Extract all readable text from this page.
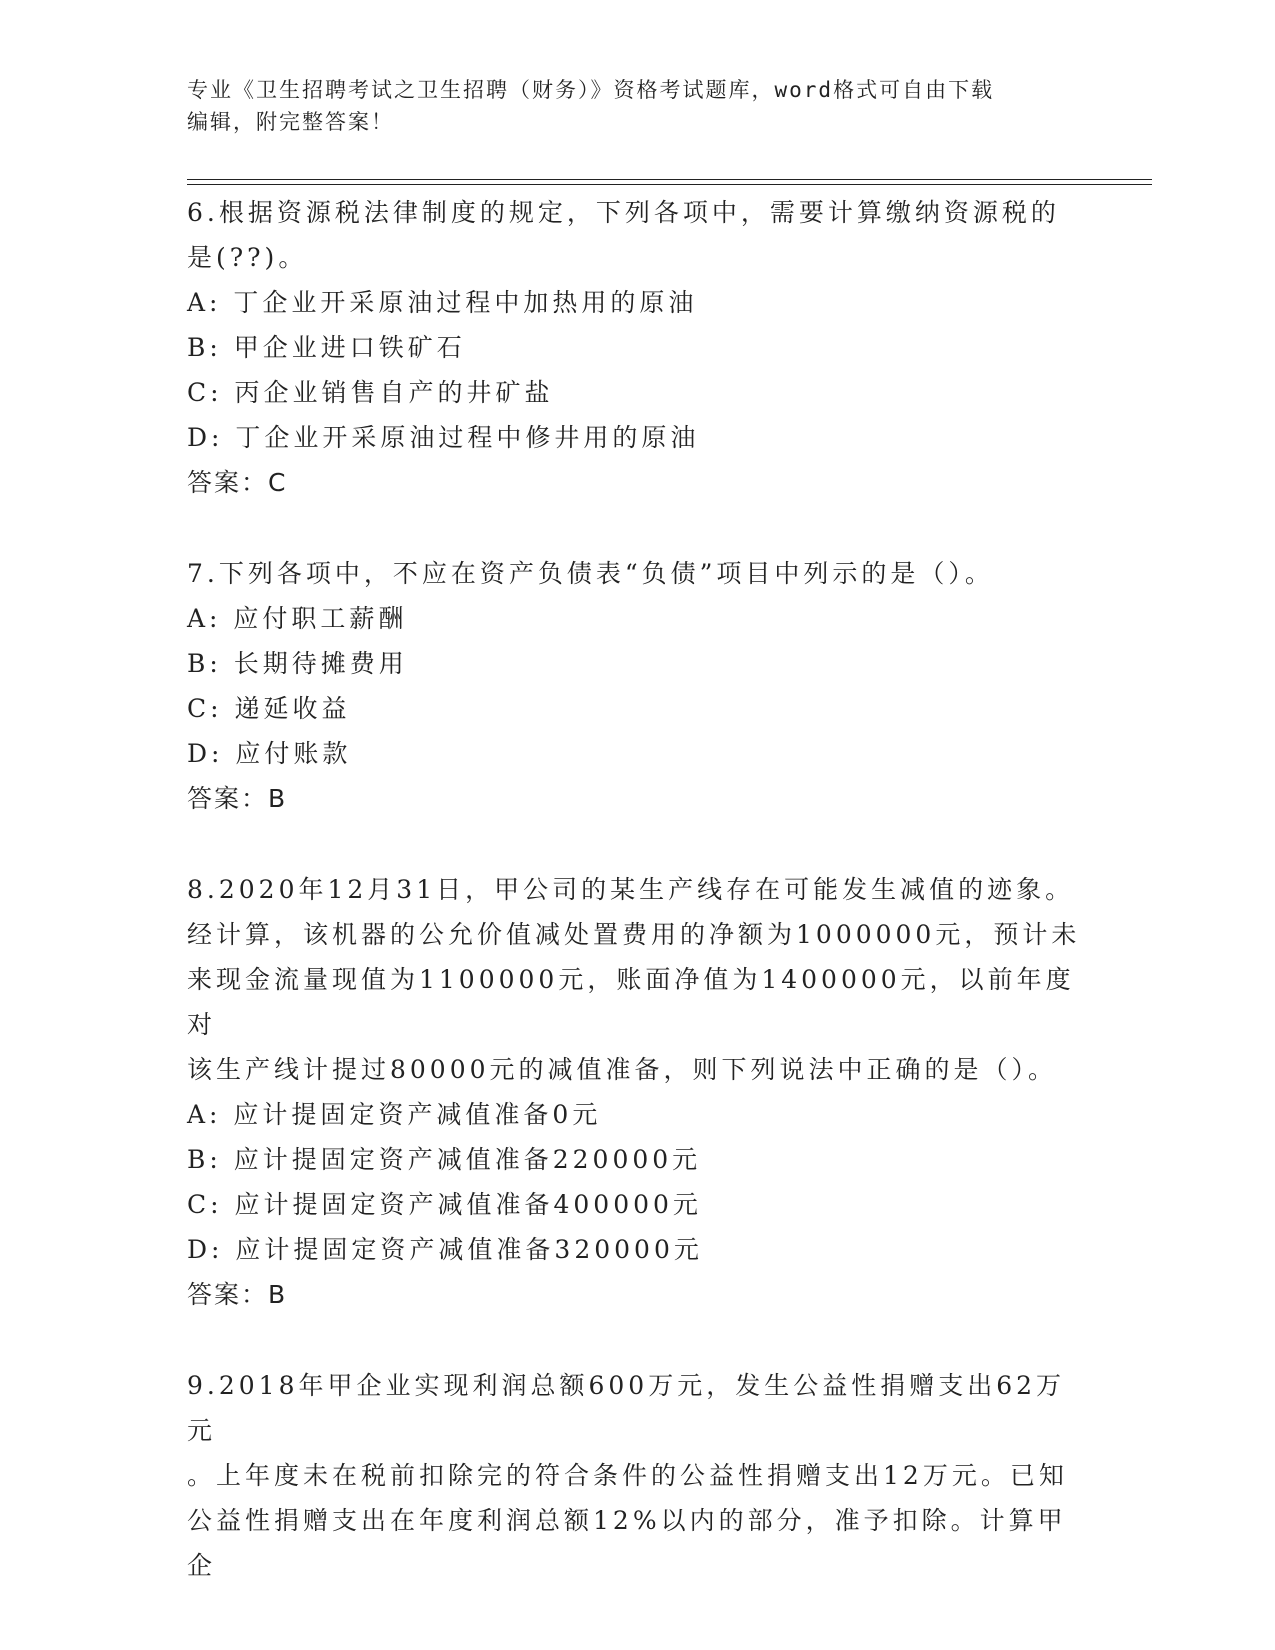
专业《卫生招聘考试之卫生招聘（财务）》资格考试题库，word格式可自由下载
编辑，附完整答案！

6.根据资源税法律制度的规定，下列各项中，需要计算缴纳资源税的

是(??)。

A: 丁企业开采原油过程中加热用的原油

B: 甲企业进口铁矿石

C: 丙企业销售自产的井矿盐

D: 丁企业开采原油过程中修井用的原油

答案：C

7.下列各项中，不应在资产负债表“负债”项目中列示的是（）。

A: 应付职工薪酬

B: 长期待摊费用

C: 递延收益

D: 应付账款

答案：B

8.2020年12月31日，甲公司的某生产线存在可能发生减值的迹象。

经计算，该机器的公允价值减处置费用的净额为1000000元，预计未

来现金流量现值为1100000元，账面净值为1400000元，以前年度对

该生产线计提过80000元的减值准备，则下列说法中正确的是（）。

A: 应计提固定资产减值准备0元

B: 应计提固定资产减值准备220000元

C: 应计提固定资产减值准备400000元

D: 应计提固定资产减值准备320000元

答案：B

9.2018年甲企业实现利润总额600万元，发生公益性捐赠支出62万元

。上年度未在税前扣除完的符合条件的公益性捐赠支出12万元。已知

公益性捐赠支出在年度利润总额12%以内的部分，准予扣除。计算甲企
